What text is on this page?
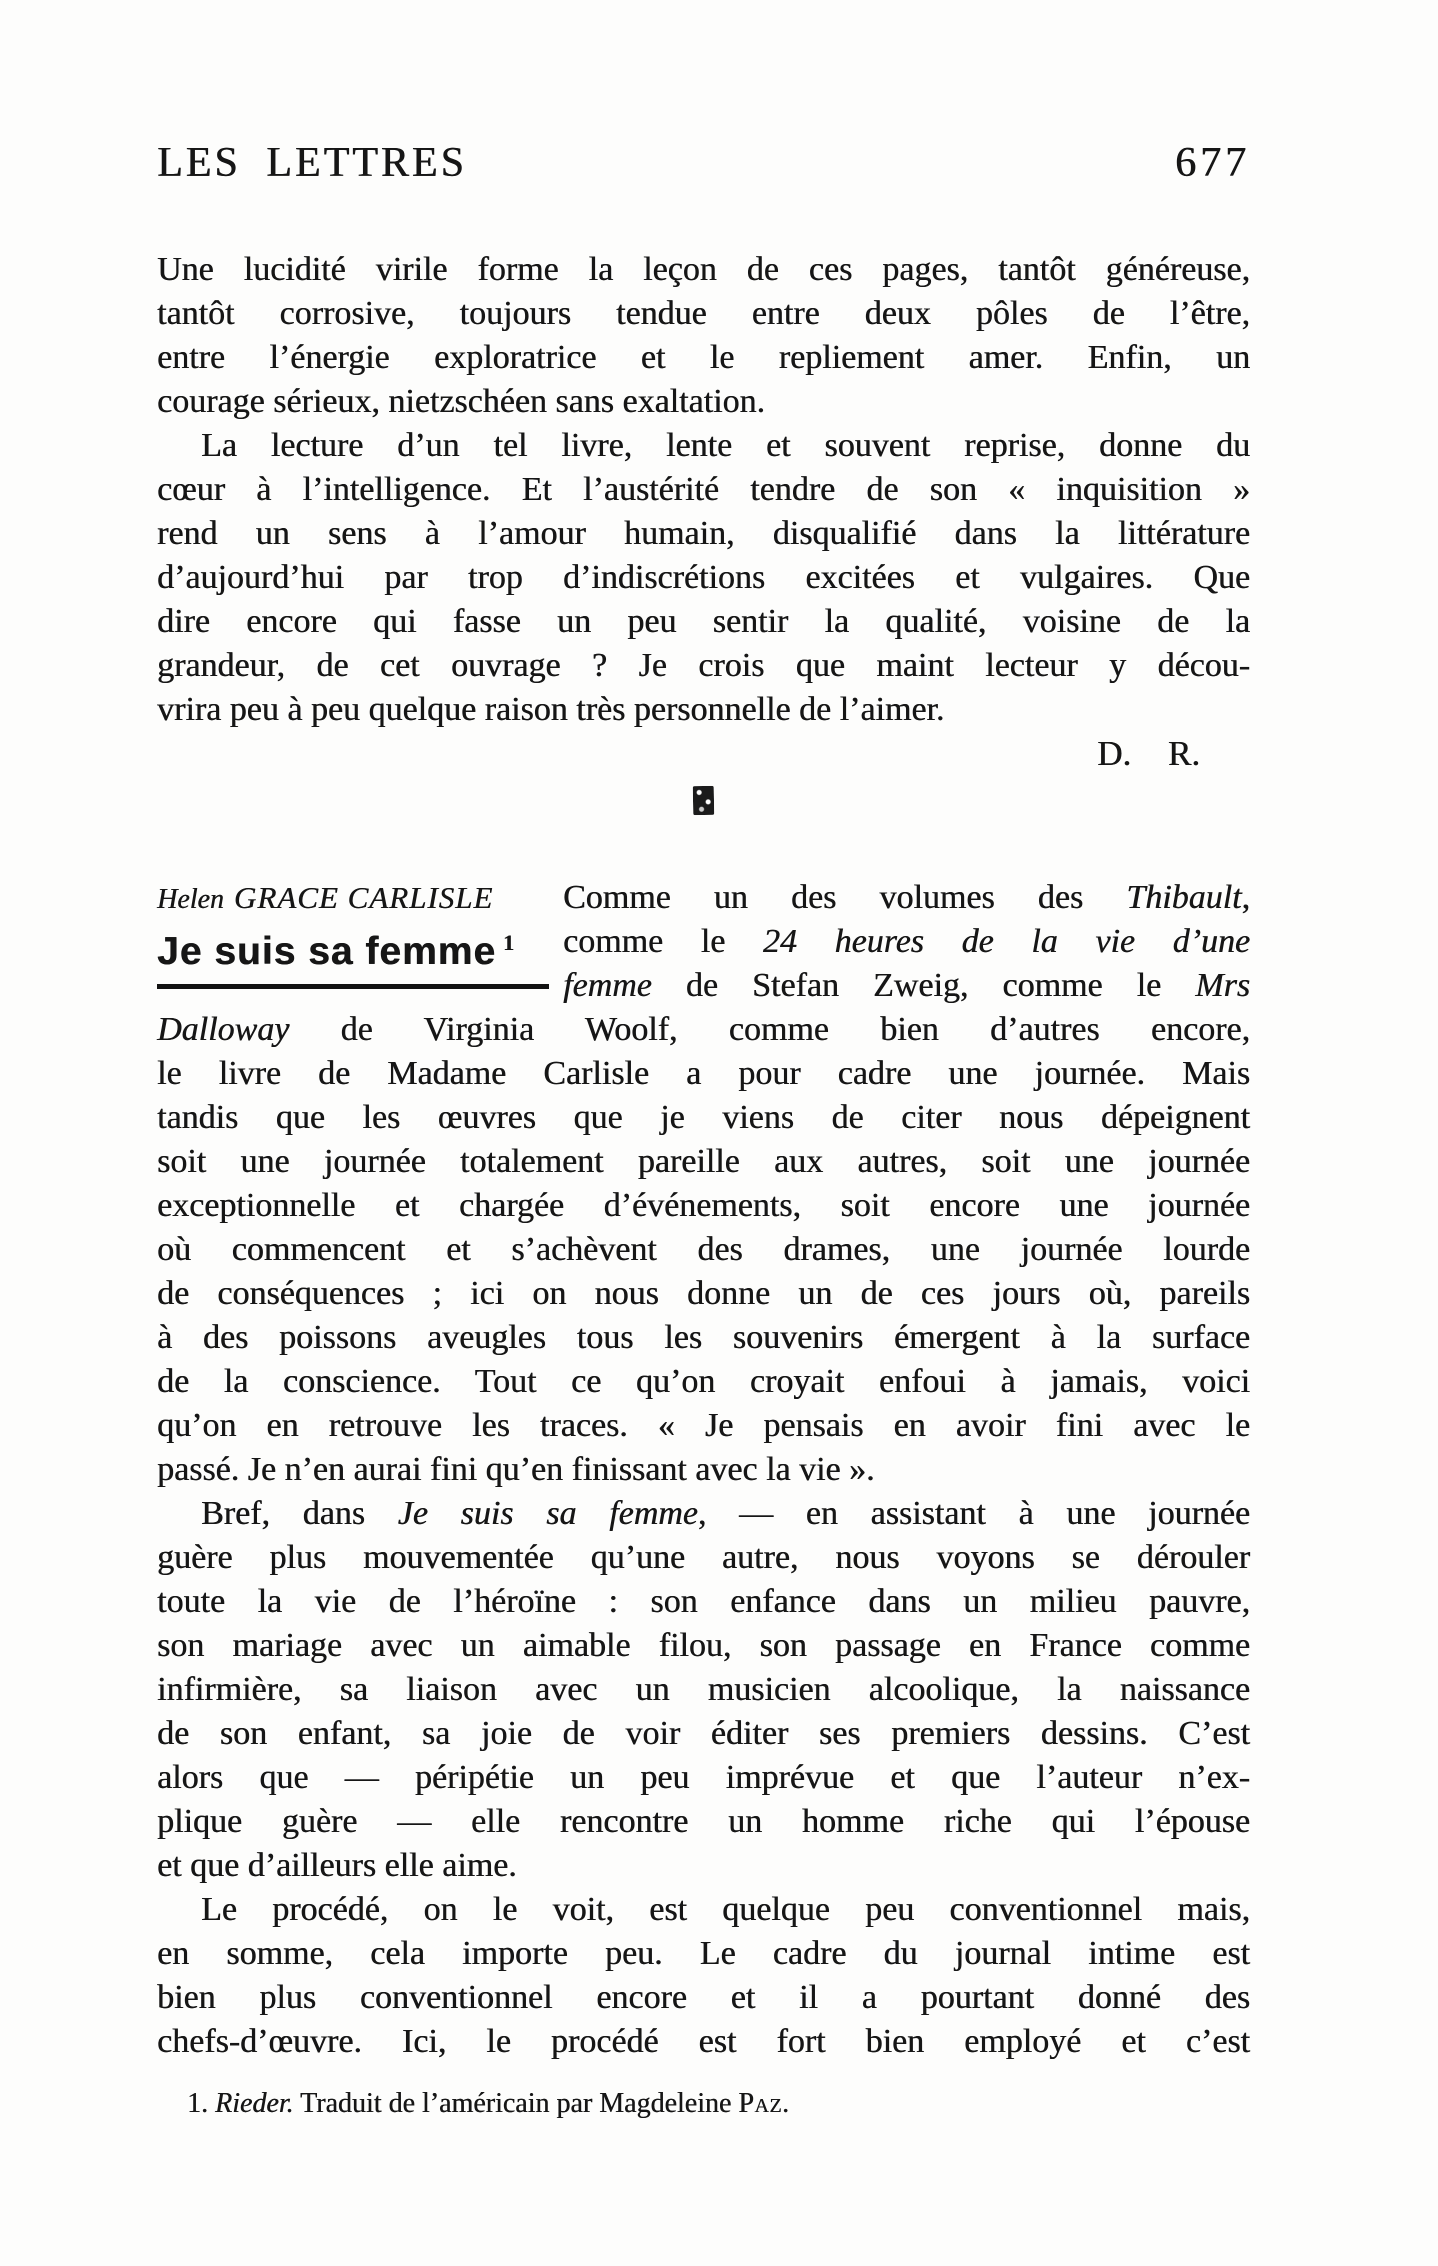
LES LETTRES	677
Une lucidité virile forme la leçon de ces pages, tantôt généreuse,
tantôt corrosive, toujours tendue entre deux pôles de l’être,
entre l’énergie exploratrice et le repliement amer. Enfin, un
courage sérieux, nietzschéen sans exaltation.
La lecture d’un tel livre, lente et souvent reprise, donne du
cœur à l’intelligence. Et l’austérité tendre de son « inquisition »
rend un sens à l’amour humain, disqualifié dans la littérature
d’aujourd’hui par trop d’indiscrétions excitées et vulgaires. Que
dire encore qui fasse un peu sentir la qualité, voisine de la
grandeur, de cet ouvrage ? Je crois que maint lecteur y décou-
vrira peu à peu quelque raison très personnelle de l’aimer.
D. R.
Helen GRACE CARLISLE
Je suis sa femme $^1$
Comme un des volumes des Thibault,
comme le 24 heures de la vie d’une
femme de Stefan Zweig, comme le Mrs
Dalloway de Virginia Woolf, comme bien d’autres encore,
le livre de Madame Carlisle a pour cadre une journée. Mais
tandis que les œuvres que je viens de citer nous dépeignent
soit une journée totalement pareille aux autres, soit une journée
exceptionnelle et chargée d’événements, soit encore une journée
où commencent et s’achèvent des drames, une journée lourde
de conséquences ; ici on nous donne un de ces jours où, pareils
à des poissons aveugles tous les souvenirs émergent à la surface
de la conscience. Tout ce qu’on croyait enfoui à jamais, voici
qu’on en retrouve les traces. « Je pensais en avoir fini avec le
passé. Je n’en aurai fini qu’en finissant avec la vie ».
Bref, dans Je suis sa femme, — en assistant à une journée
guère plus mouvementée qu’une autre, nous voyons se dérouler
toute la vie de l’héroïne : son enfance dans un milieu pauvre,
son mariage avec un aimable filou, son passage en France comme
infirmière, sa liaison avec un musicien alcoolique, la naissance
de son enfant, sa joie de voir éditer ses premiers dessins. C’est
alors que — péripétie un peu imprévue et que l’auteur n’ex-
plique guère — elle rencontre un homme riche qui l’épouse
et que d’ailleurs elle aime.
Le procédé, on le voit, est quelque peu conventionnel mais,
en somme, cela importe peu. Le cadre du journal intime est
bien plus conventionnel encore et il a pourtant donné des
chefs-d’œuvre. Ici, le procédé est fort bien employé et c’est
1. Rieder. Traduit de l’américain par Magdeleine Paz.
